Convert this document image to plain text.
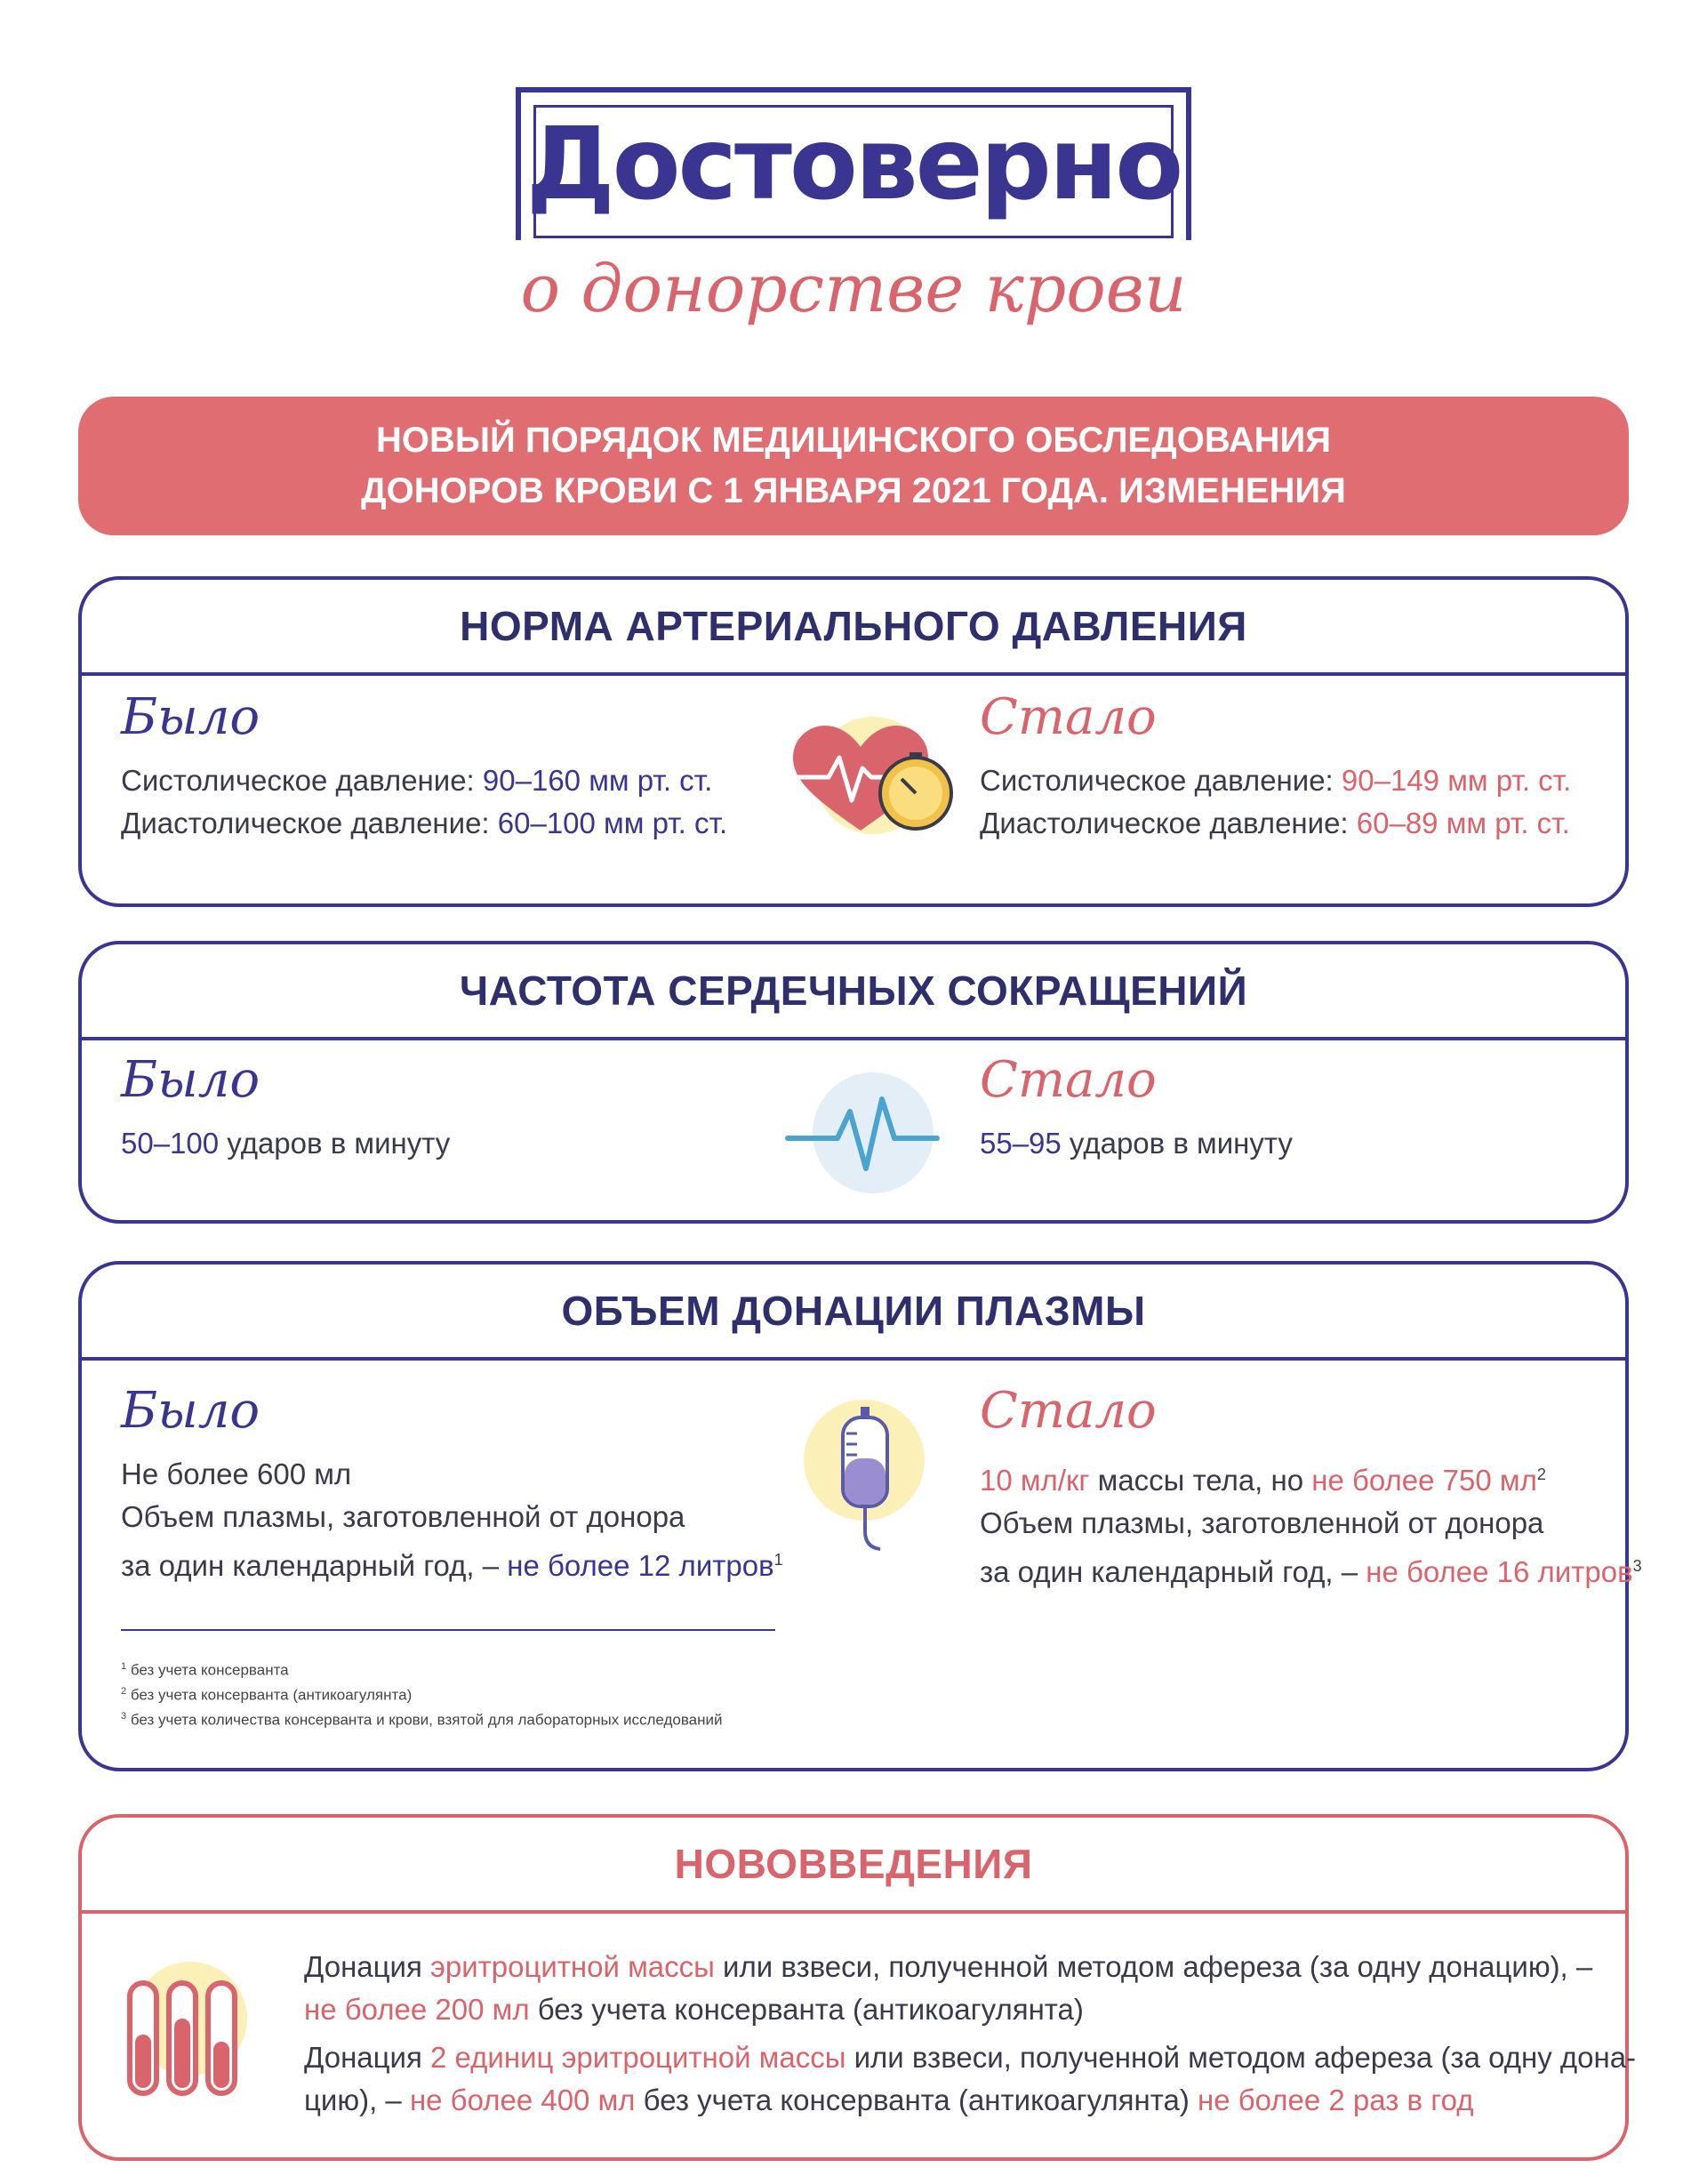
Достоверно
о донорстве крови
НОВЫЙ ПОРЯДОК МЕДИЦИНСКОГО ОБСЛЕДОВАНИЯ
ДОНОРОВ КРОВИ С 1 ЯНВАРЯ 2021 ГОДА. ИЗМЕНЕНИЯ
НОРМА АРТЕРИАЛЬНОГО ДАВЛЕНИЯ
Было
Систолическое давление: 90–160 мм рт. ст.
Диастолическое давление: 60–100 мм рт. ст.
Стало
Систолическое давление: 90–149 мм рт. ст.
Диастолическое давление: 60–89 мм рт. ст.
ЧАСТОТА СЕРДЕЧНЫХ СОКРАЩЕНИЙ
Было
50–100 ударов в минуту
Стало
55–95 ударов в минуту
ОБЪЕМ ДОНАЦИИ ПЛАЗМЫ
Было
Не более 600 мл
Объем плазмы, заготовленной от донора
за один календарный год, – не более 12 литров$^1$
Стало
10 мл/кг массы тела, но не более 750 $мл^2$
Объем плазмы, заготовленной от донора
за один календарный год, – не более 16 литров$^3$
$^1$ без учета консерванта
$^2$ без учета консерванта (антикоагулянта)
$^3$ без учета количества консерванта и крови, взятой для лабораторных исследований
НОВОВВЕДЕНИЯ
Донация эритроцитной массы или взвеси, полученной методом афереза (за одну донацию), –
не более 200 мл без учета консерванта (антикоагулянта)
Донация 2 единиц эритроцитной массы или взвеси, полученной методом афереза (за одну дона-
цию), – не более 400 мл без учета консерванта (антикоагулянта) не более 2 раз в год
